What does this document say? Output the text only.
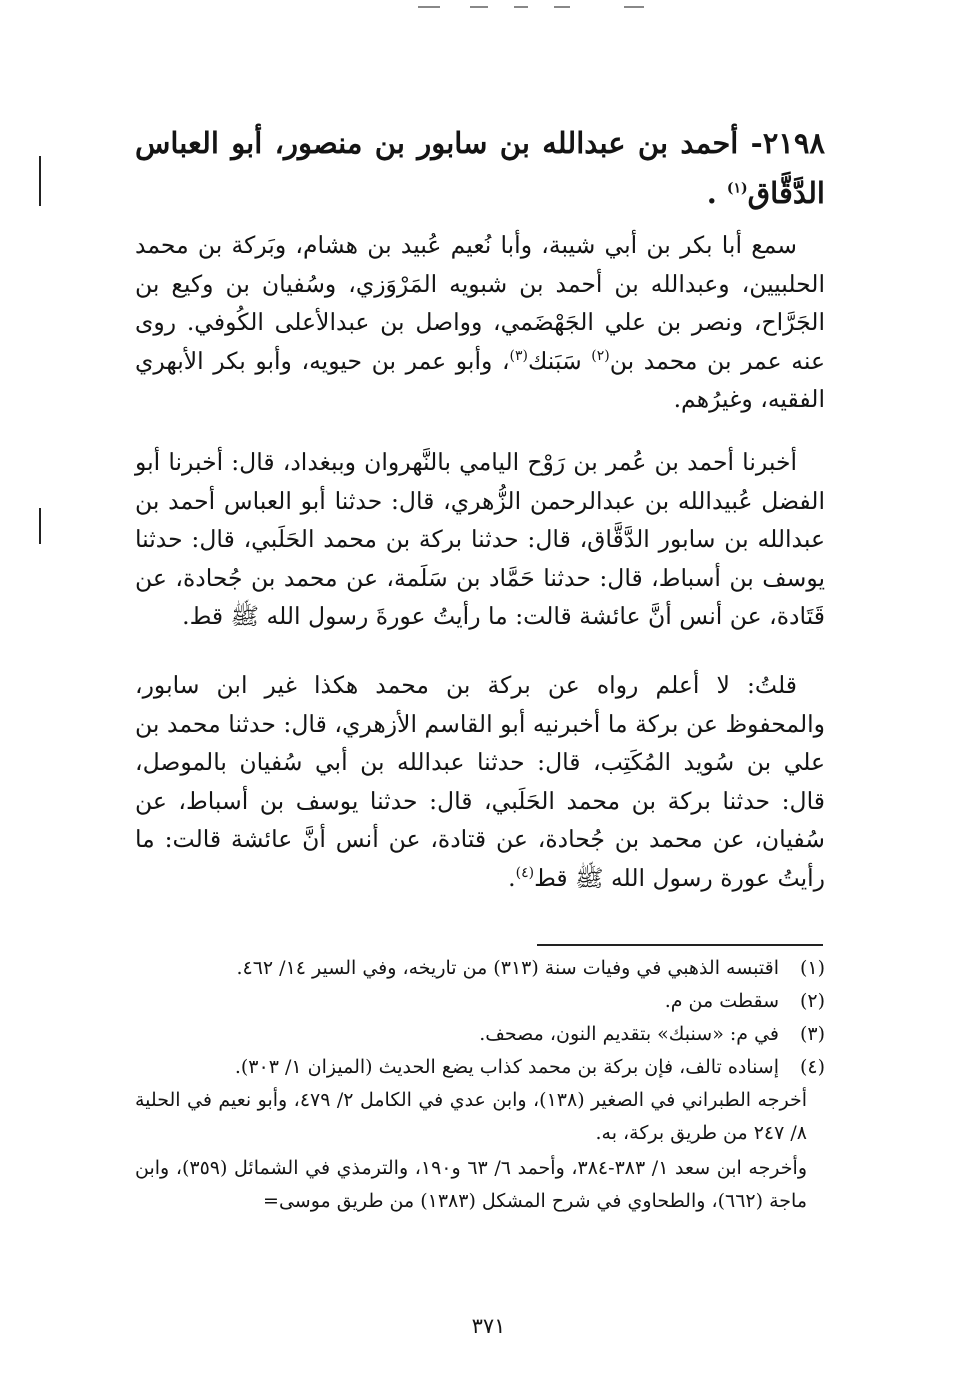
٢١٩٨- أحمد بن عبدالله بن سابور بن منصور، أبو العباس الدَّقَّاق$^{(١)}$ .
سمع أبا بكر بن أبي شيبة، وأبا نُعيم عُبيد بن هشام، وبَركة بن محمد الحلبيين، وعبدالله بن أحمد بن شبويه المَرْوَزي، وسُفيان بن وكيع بن الجَرَّاح، ونصر بن علي الجَهْضَمي، وواصل بن عبدالأعلى الكُوفي. روى عنه عمر بن محمد بن$^{(٢)}$ سَبَنك$^{(٣)}$، وأبو عمر بن حيويه، وأبو بكر الأبهري الفقيه، وغيرُهم.
أخبرنا أحمد بن عُمر بن رَوْح اليامي بالنَّهروان وببغداد، قال: أخبرنا أبو الفضل عُبيدالله بن عبدالرحمن الزُّهري، قال: حدثنا أبو العباس أحمد بن عبدالله بن سابور الدَّقَّاق، قال: حدثنا بركة بن محمد الحَلَبي، قال: حدثنا يوسف بن أسباط، قال: حدثنا حَمَّاد بن سَلَمة، عن محمد بن جُحادة، عن قَتَادة، عن أنس أنَّ عائشة قالت: ما رأيتُ عورةَ رسول الله ﷺ قط.
قلتُ: لا أعلم رواه عن بركة بن محمد هكذا غير ابن سابور، والمحفوظ عن بركة ما أخبرنيه أبو القاسم الأزهري، قال: حدثنا محمد بن علي بن سُويد المُكَتِب، قال: حدثنا عبدالله بن أبي سُفيان بالموصل، قال: حدثنا بركة بن محمد الحَلَبي، قال: حدثنا يوسف بن أسباط، عن سُفيان، عن محمد بن جُحادة، عن قتادة، عن أنس أنَّ عائشة قالت: ما رأيتُ عورة رسول الله ﷺ قط$^{(٤)}$.
(١)
اقتبسه الذهبي في وفيات سنة (٣١٣) من تاريخه، وفي السير ١٤/ ٤٦٢.
(٢)
سقطت من م.
(٣)
في م: «سنبك» بتقديم النون، مصحف.
(٤)
إسناده تالف، فإن بركة بن محمد كذاب يضع الحديث (الميزان ١/ ٣٠٣).
أخرجه الطبراني في الصغير (١٣٨)، وابن عدي في الكامل ٢/ ٤٧٩، وأبو نعيم في الحلية ٨/ ٢٤٧ من طريق بركة، به.
وأخرجه ابن سعد ١/ ٣٨٣-٣٨٤، وأحمد ٦/ ٦٣ و١٩٠، والترمذي في الشمائل (٣٥٩)، وابن ماجة (٦٦٢)، والطحاوي في شرح المشكل (١٣٨٣) من طريق موسى=
٣٧١
